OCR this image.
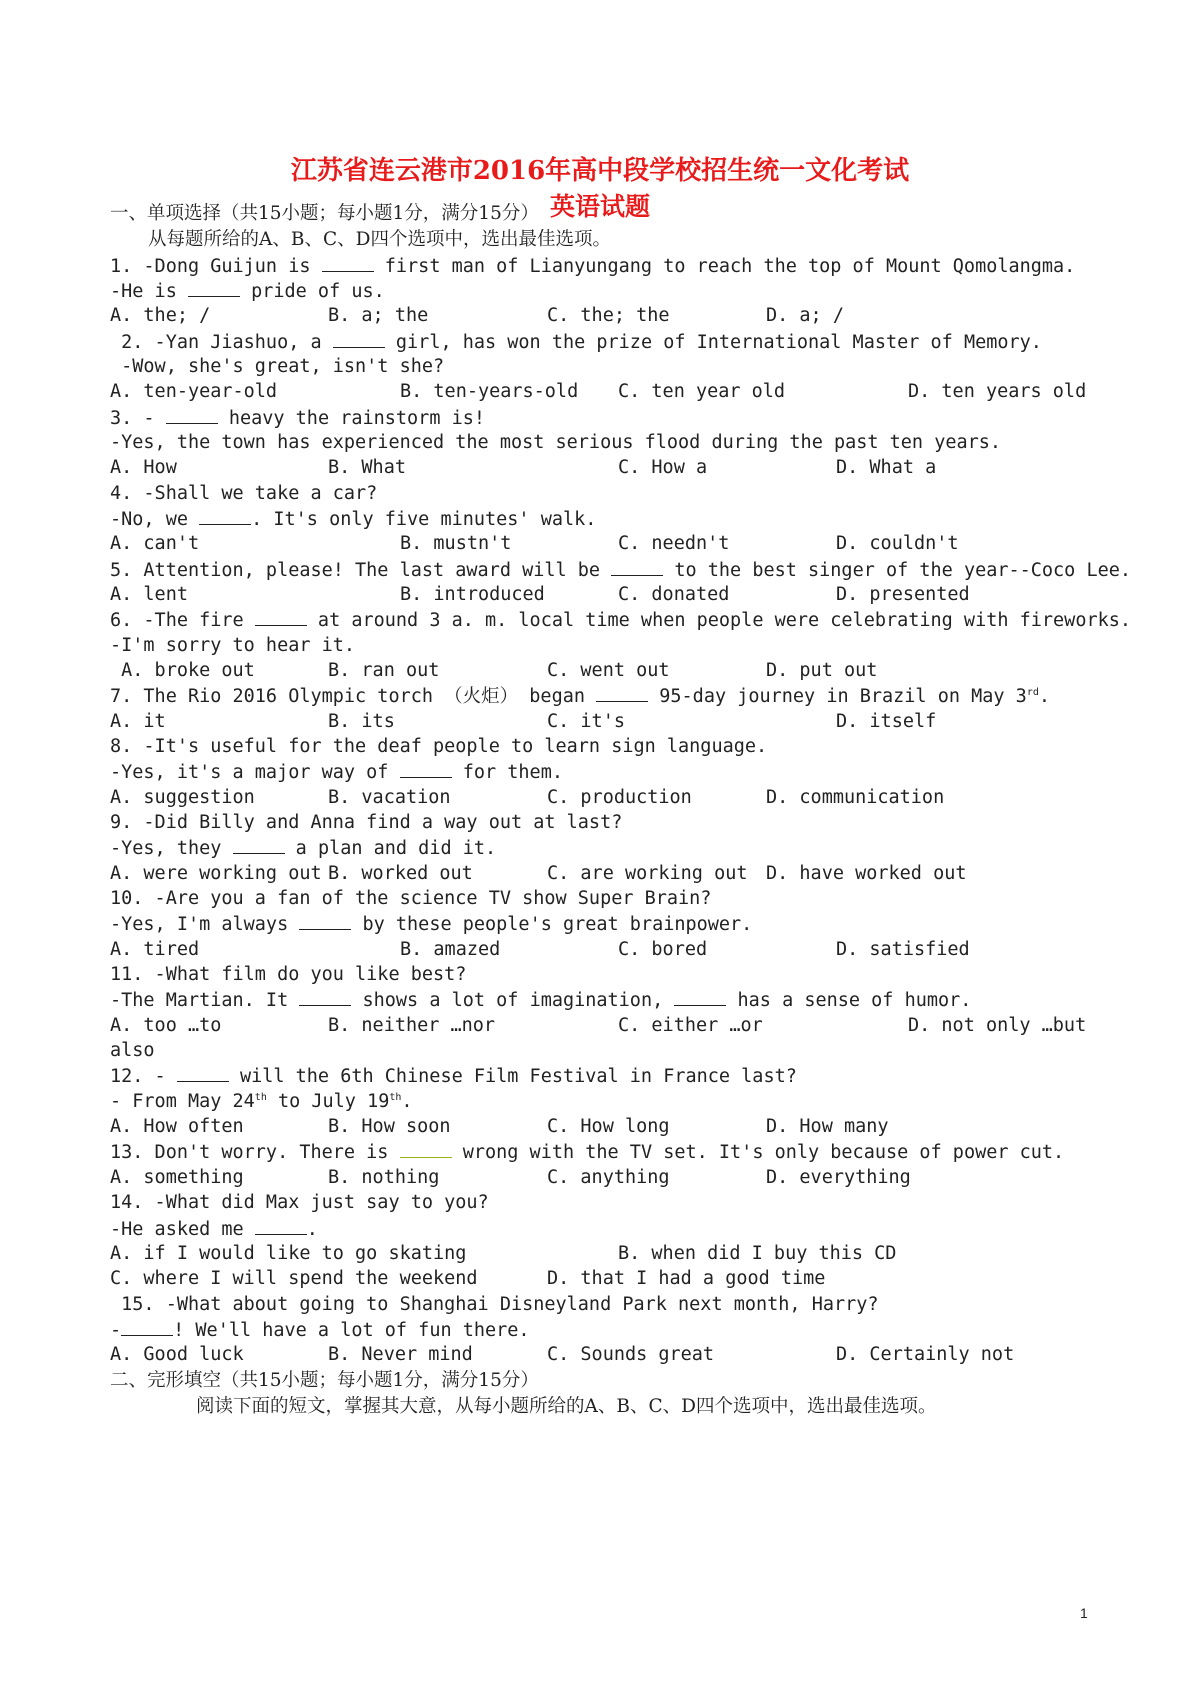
江苏省连云港市2016年高中段学校招生统一文化考试
英语试题
一、单项选择（共15小题；每小题1分，满分15分）
从每题所给的A、B、C、D四个选项中，选出最佳选项。
1. -Dong Guijun is	first man of Lianyungang to reach the top of Mount Qomolangma.
-He is	pride of us.

A. the; /

	B. a; the

	C. the; the

	D. a; /

2. -Yan Jiashuo, a	girl, has won the prize of International Master of Memory.
-Wow, she's great, isn't she?

A. ten-year-old

	B. ten-years-old

C. ten year old

	D. ten years old

3. -	heavy the rainstorm is!
-Yes, the town has experienced the most serious flood during the past ten years.

A. How

	B. What

	C. How a

	D. What a

4. -Shall we take a car?
-No, we	. It's only five minutes' walk.

A. can't

	B. mustn't

	C. needn't

	D. couldn't

5. Attention, please! The last award will be	to the best singer of the year--Coco Lee.

A. lent

	B. introduced

	C. donated

	D. presented

6. -The fire	at around 3 a. m. local time when people were celebrating with fireworks.
-I'm sorry to hear it.

A. broke out

	B. ran out

	C. went out

	D. put out

7. The Rio 2016 Olympic torch （火炬） began	95-day journey in Brazil on May 3rd.

A. it

	B. its

	C. it's

	D. itself

8. -It's useful for the deaf people to learn sign language.
-Yes, it's a major way of	for them.

A. suggestion

	B. vacation

	C. production

	D. communication

9. -Did Billy and Anna find a way out at last?
-Yes, they	a plan and did it.

A. were working out

B. worked out

	C. are working out

D. have worked out

10. -Are you a fan of the science TV show Super Brain?
-Yes, I'm always	by these people's great brainpower.

A. tired

	B. amazed

	C. bored

	D. satisfied

11. -What film do you like best?
-The Martian. It	shows a lot of imagination,	has a sense of humor.

A. too …to

	B. neither …nor

	C. either …or

	D. not only …but

also
12. -	will the 6th Chinese Film Festival in France last?
- From May 24th to July 19th.

A. How often

	B. How soon

	C. How long

	D. How many

13. Don't worry. There is	wrong with the TV set. It's only because of power cut.

A. something

	B. nothing

	C. anything

	D. everything

14. -What did Max just say to you?
-He asked me	.

A. if I would like to go skating

	B. when did I buy this CD

C. where I will spend the weekend

	D. that I had a good time

15. -What about going to Shanghai Disneyland Park next month, Harry?
-	! We'll have a lot of fun there.

A. Good luck

	B. Never mind

	C. Sounds great

	D. Certainly not

二、完形填空（共15小题；每小题1分，满分15分）
阅读下面的短文，掌握其大意，从每小题所给的A、B、C、D四个选项中，选出最佳选项。
1
